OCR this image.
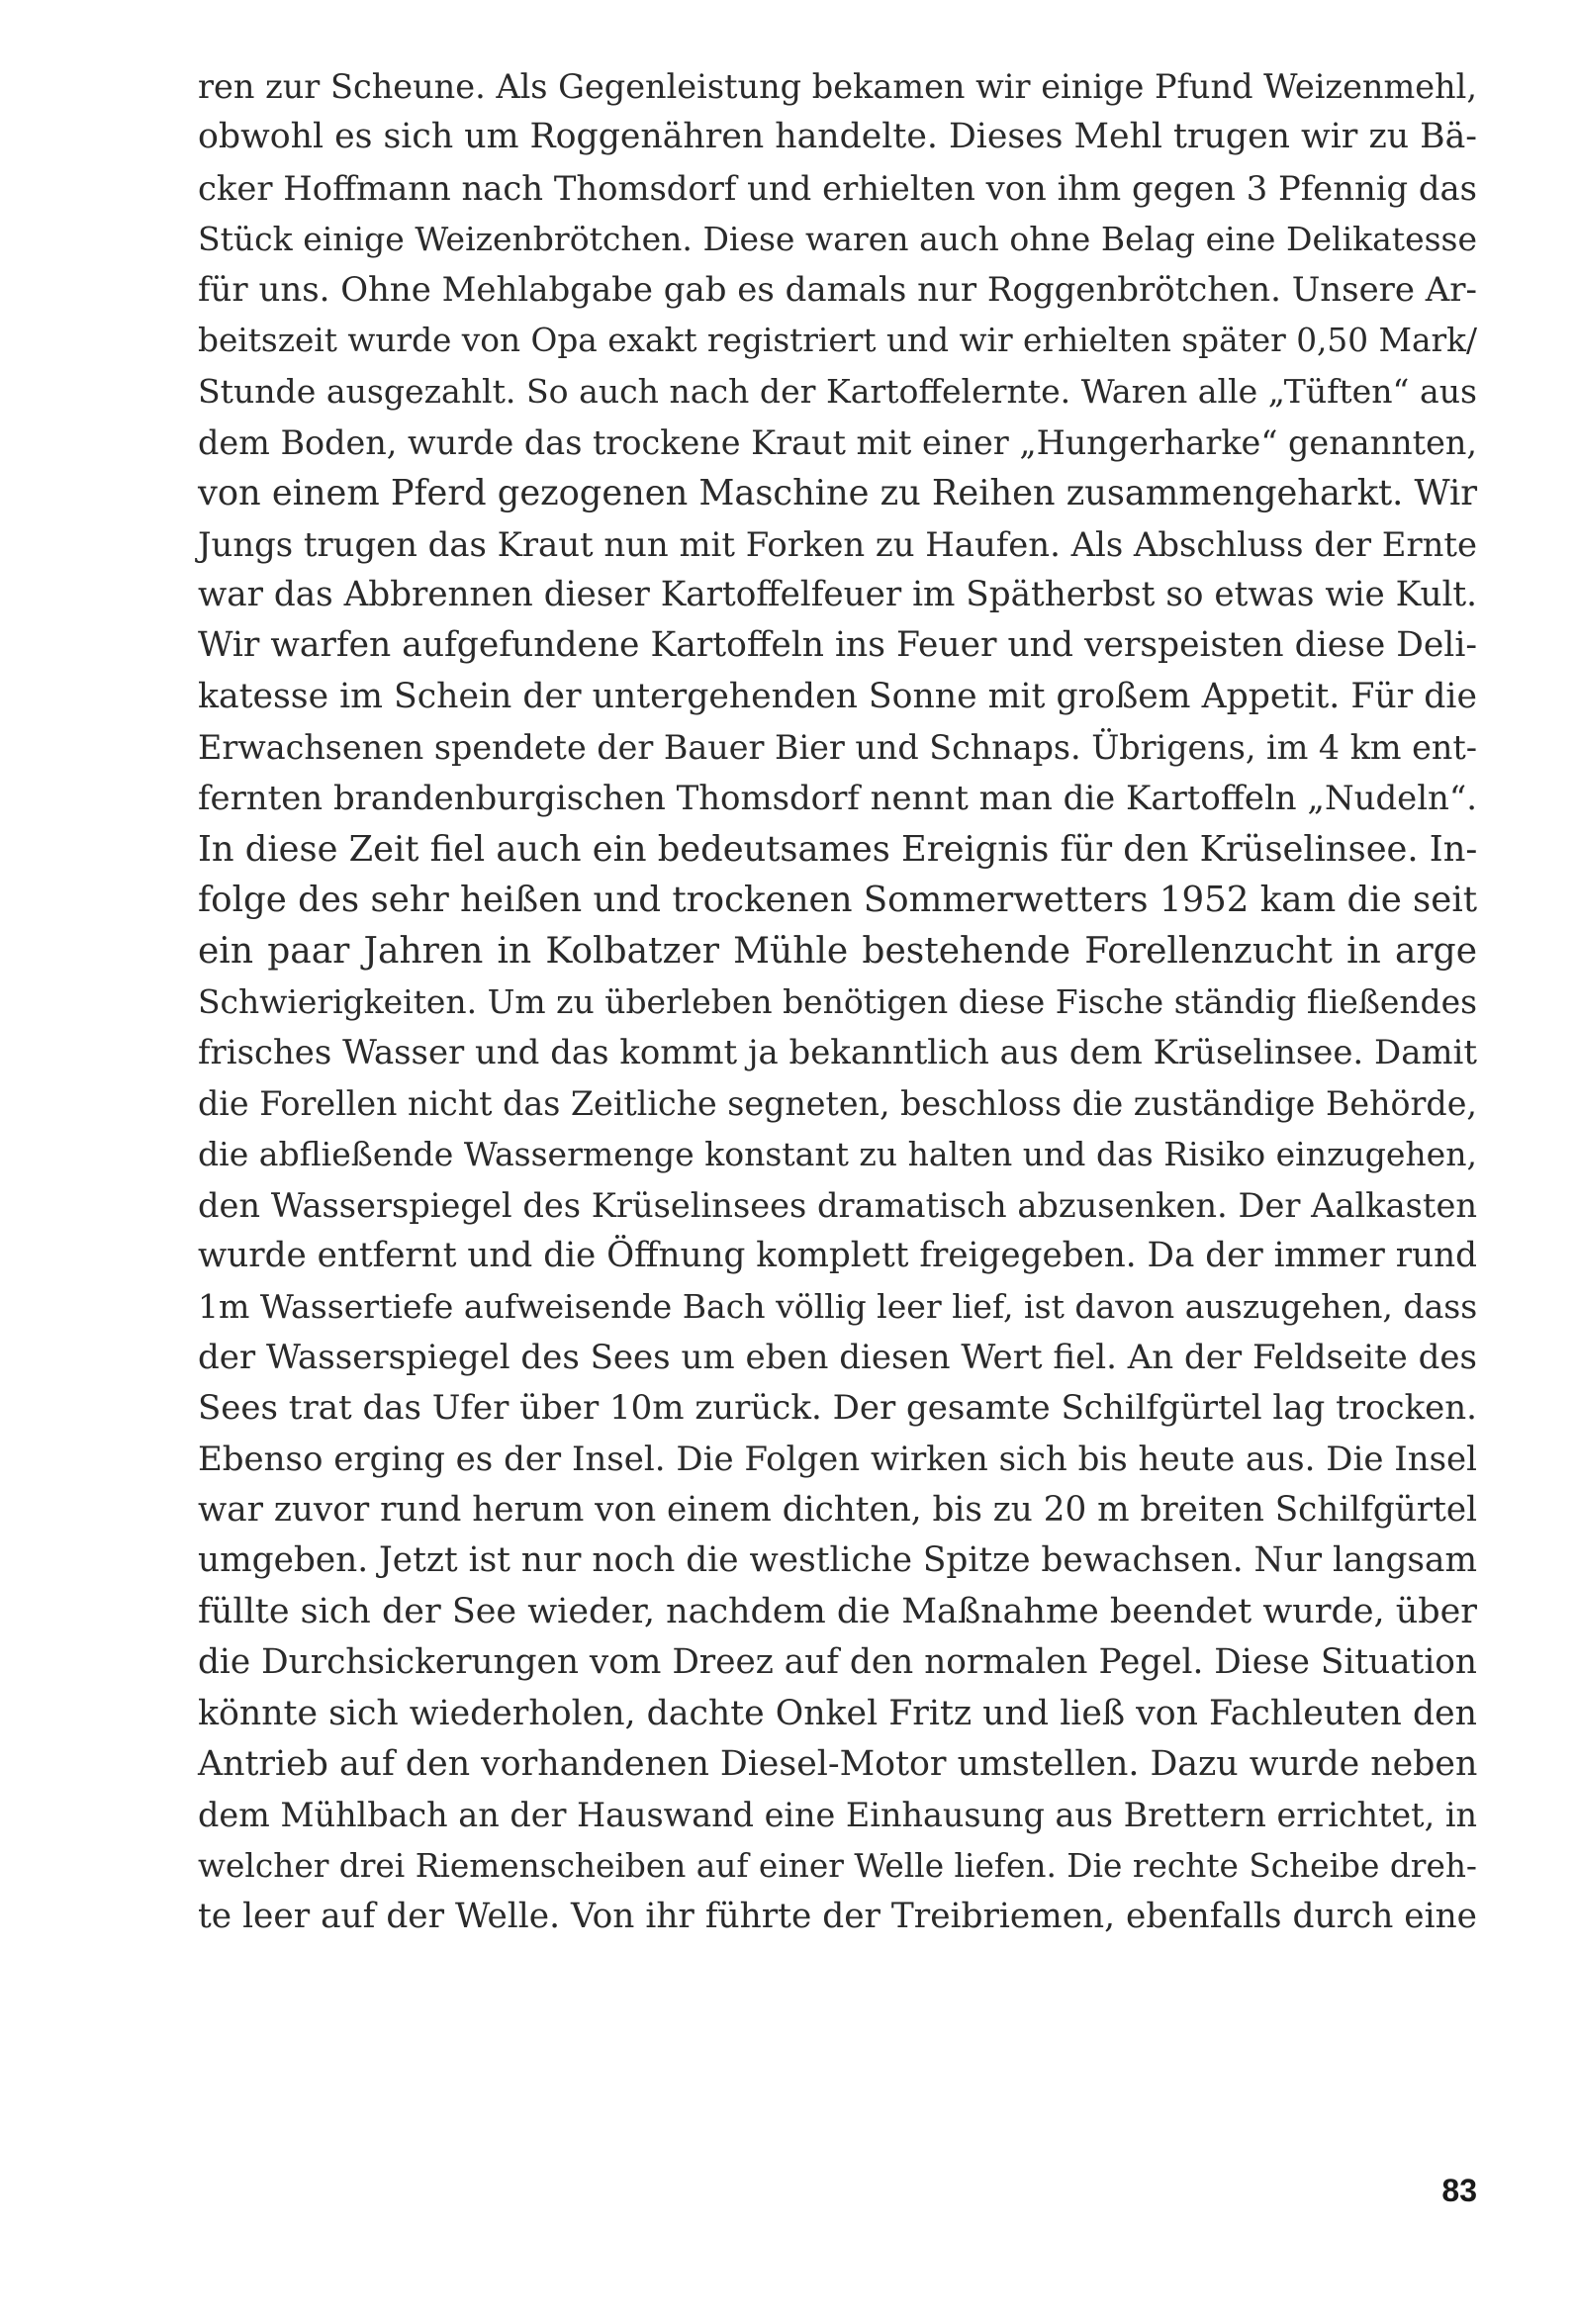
ren zur Scheune. Als Gegenleistung bekamen wir einige Pfund Weizenmehl,
obwohl es sich um Roggenähren handelte. Dieses Mehl trugen wir zu Bä-
cker Hoffmann nach Thomsdorf und erhielten von ihm gegen 3 Pfennig das
Stück einige Weizenbrötchen. Diese waren auch ohne Belag eine Delikatesse
für uns. Ohne Mehlabgabe gab es damals nur Roggenbrötchen. Unsere Ar-
beitszeit wurde von Opa exakt registriert und wir erhielten später 0,50 Mark/
Stunde ausgezahlt. So auch nach der Kartoffelernte. Waren alle „Tüften“ aus
dem Boden, wurde das trockene Kraut mit einer „Hungerharke“ genannten,
von einem Pferd gezogenen Maschine zu Reihen zusammengeharkt. Wir
Jungs trugen das Kraut nun mit Forken zu Haufen. Als Abschluss der Ernte
war das Abbrennen dieser Kartoffelfeuer im Spätherbst so etwas wie Kult.
Wir warfen aufgefundene Kartoffeln ins Feuer und verspeisten diese Deli-
katesse im Schein der untergehenden Sonne mit großem Appetit. Für die
Erwachsenen spendete der Bauer Bier und Schnaps. Übrigens, im 4 km ent-
fernten brandenburgischen Thomsdorf nennt man die Kartoffeln „Nudeln“.
In diese Zeit fiel auch ein bedeutsames Ereignis für den Krüselinsee. In-
folge des sehr heißen und trockenen Sommerwetters 1952 kam die seit
ein paar Jahren in Kolbatzer Mühle bestehende Forellenzucht in arge
Schwierigkeiten. Um zu überleben benötigen diese Fische ständig fließendes
frisches Wasser und das kommt ja bekanntlich aus dem Krüselinsee. Damit
die Forellen nicht das Zeitliche segneten, beschloss die zuständige Behörde,
die abfließende Wassermenge konstant zu halten und das Risiko einzugehen,
den Wasserspiegel des Krüselinsees dramatisch abzusenken. Der Aalkasten
wurde entfernt und die Öffnung komplett freigegeben. Da der immer rund
1m Wassertiefe aufweisende Bach völlig leer lief, ist davon auszugehen, dass
der Wasserspiegel des Sees um eben diesen Wert fiel. An der Feldseite des
Sees trat das Ufer über 10m zurück. Der gesamte Schilfgürtel lag trocken.
Ebenso erging es der Insel. Die Folgen wirken sich bis heute aus. Die Insel
war zuvor rund herum von einem dichten, bis zu 20 m breiten Schilfgürtel
umgeben. Jetzt ist nur noch die westliche Spitze bewachsen. Nur langsam
füllte sich der See wieder, nachdem die Maßnahme beendet wurde, über
die Durchsickerungen vom Dreez auf den normalen Pegel. Diese Situation
könnte sich wiederholen, dachte Onkel Fritz und ließ von Fachleuten den
Antrieb auf den vorhandenen Diesel-Motor umstellen. Dazu wurde neben
dem Mühlbach an der Hauswand eine Einhausung aus Brettern errichtet, in
welcher drei Riemenscheiben auf einer Welle liefen. Die rechte Scheibe dreh-
te leer auf der Welle. Von ihr führte der Treibriemen, ebenfalls durch eine
83
